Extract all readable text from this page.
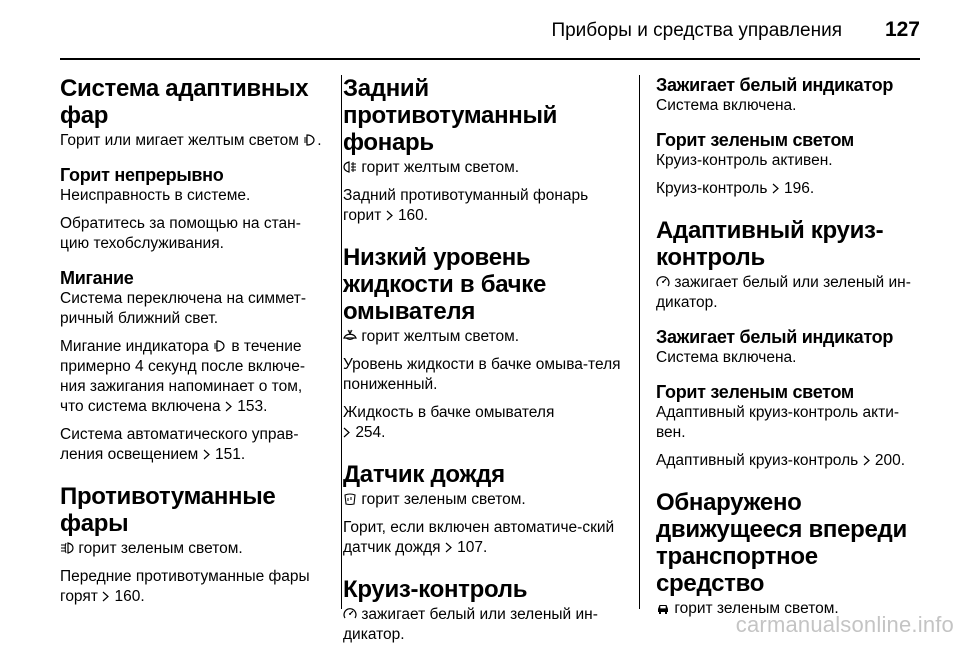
Приборы и средства управления 127
Система адаптивных фар

Горит или мигает желтым светом .

Горит непрерывно

Неисправность в системе.

Обратитесь за помощью на стан-цию техобслуживания.

Мигание

Система переключена на симмет-ричный ближний свет.

Мигание индикатора в течение примерно 4 секунд после включе-ния зажигания напоминает о том, что система включена 153.

Система автоматического управ-ления освещением 151.

Противотуманные фары

горит зеленым светом.

Передние противотуманные фары горят 160.

Задний противотуманный фонарь

горит желтым светом.

Задний противотуманный фонарь горит 160.

Низкий уровень жидкости в бачке омывателя

горит желтым светом.

Уровень жидкости в бачке омыва-теля пониженный.

Жидкость в бачке омывателя

254.

Датчик дождя

горит зеленым светом.

Горит, если включен автоматиче-ский датчик дождя 107.

Круиз-контроль

зажигает белый или зеленый ин-дикатор.

Зажигает белый индикатор

Система включена.

Горит зеленым светом

Круиз-контроль активен.

Круиз-контроль 196.

Адаптивный круиз-контроль

зажигает белый или зеленый ин-дикатор.

Зажигает белый индикатор

Система включена.

Горит зеленым светом

Адаптивный круиз-контроль акти-вен.

Адаптивный круиз-контроль 200.

Обнаружено движущееся впереди транспортное средство

горит зеленым светом.

carmanualsonline.info
